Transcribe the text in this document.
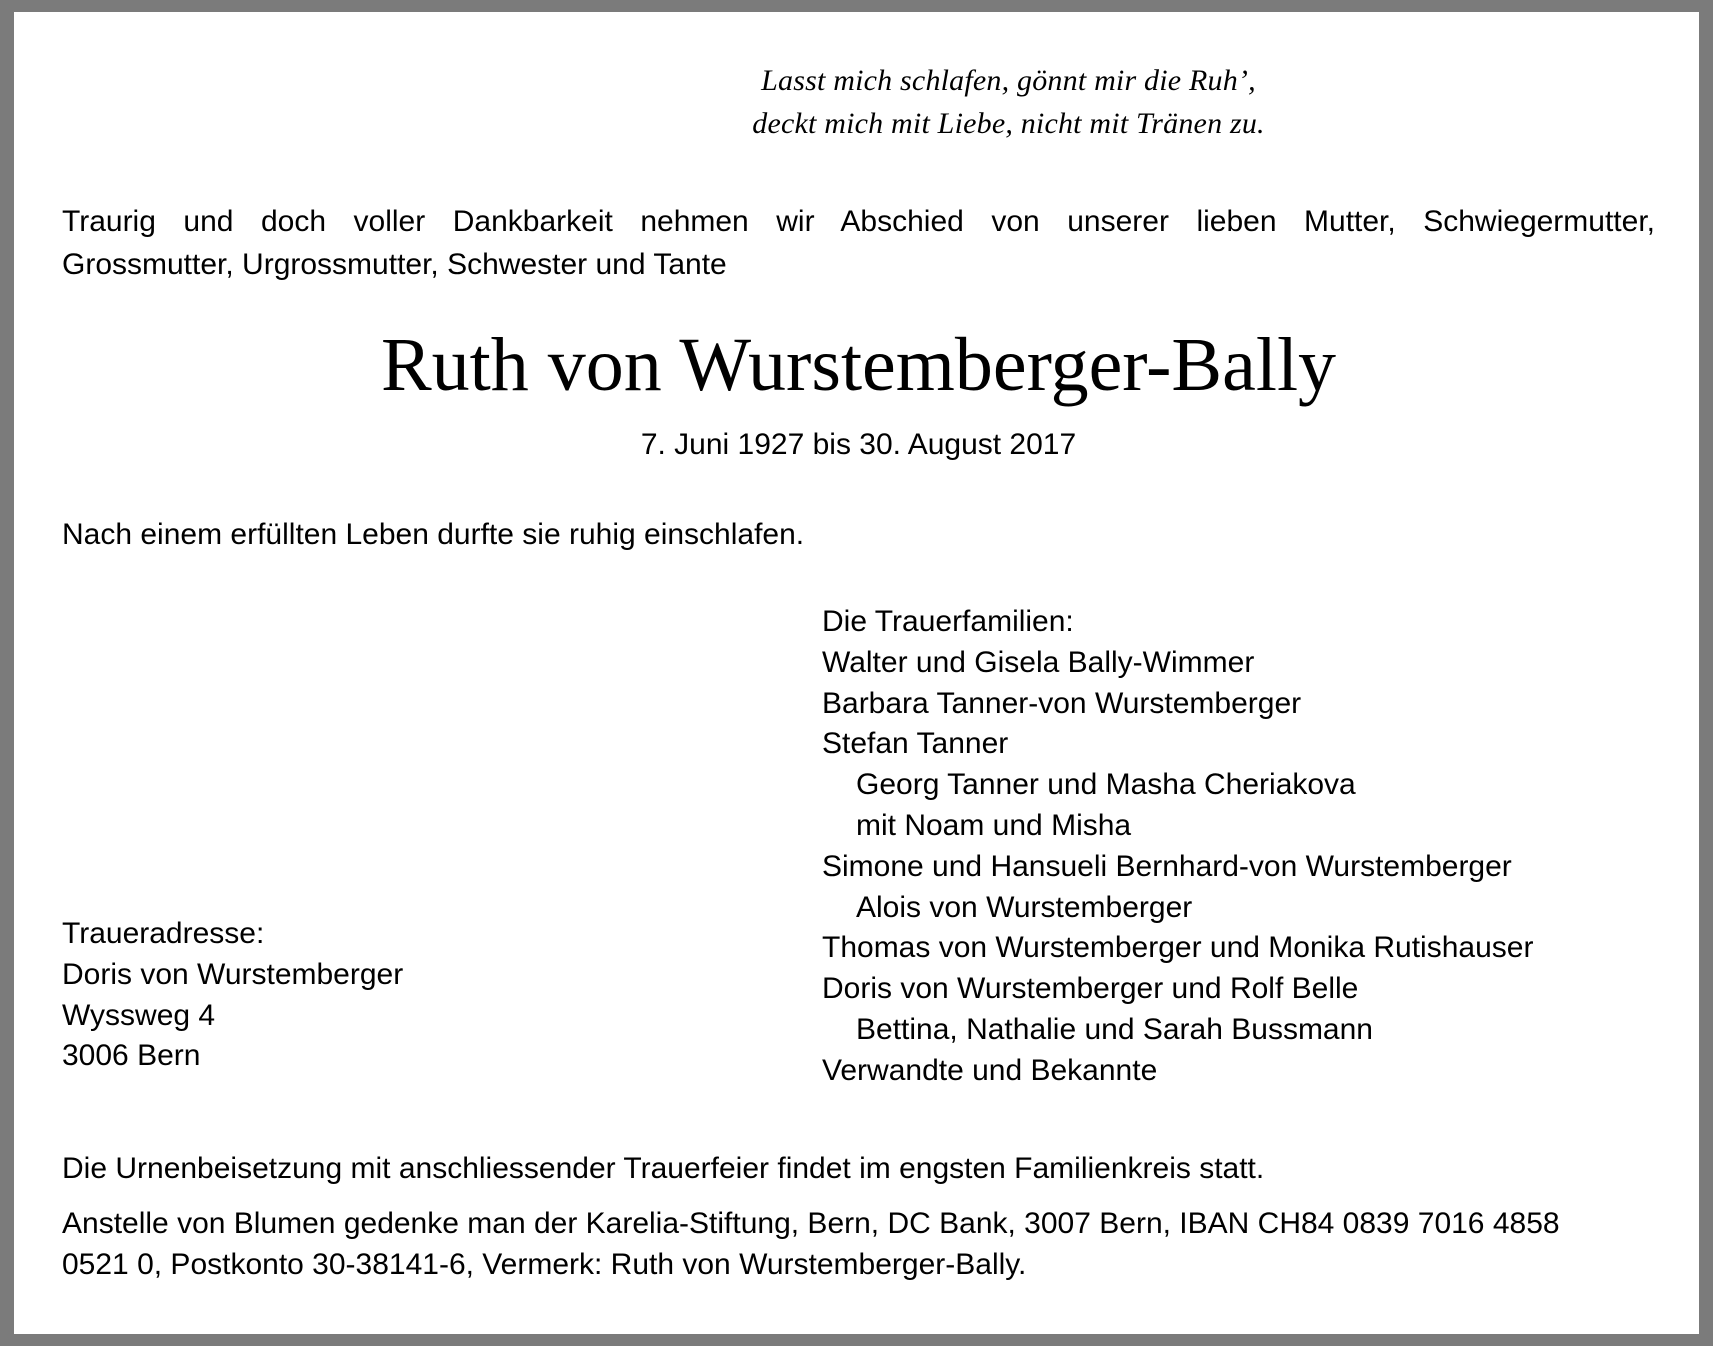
Lasst mich schlafen, gönnt mir die Ruh’,
deckt mich mit Liebe, nicht mit Tränen zu.
Traurig und doch voller Dankbarkeit nehmen wir Abschied von unserer lieben Mutter, Schwiegermutter,
Grossmutter, Urgrossmutter, Schwester und Tante
Ruth von Wurstemberger-Bally
7. Juni 1927 bis 30. August 2017
Nach einem erfüllten Leben durfte sie ruhig einschlafen.
Traueradresse:
Doris von Wurstemberger
Wyssweg 4
3006 Bern
Die Trauerfamilien:
Walter und Gisela Bally-Wimmer
Barbara Tanner-von Wurstemberger
Stefan Tanner
Georg Tanner und Masha Cheriakova
mit Noam und Misha
Simone und Hansueli Bernhard-von Wurstemberger
Alois von Wurstemberger
Thomas von Wurstemberger und Monika Rutishauser
Doris von Wurstemberger und Rolf Belle
Bettina, Nathalie und Sarah Bussmann
Verwandte und Bekannte
Die Urnenbeisetzung mit anschliessender Trauerfeier findet im engsten Familienkreis statt.
Anstelle von Blumen gedenke man der Karelia-Stiftung, Bern, DC Bank, 3007 Bern, IBAN CH84 0839 7016 4858
0521 0, Postkonto 30-38141-6, Vermerk: Ruth von Wurstemberger-Bally.
